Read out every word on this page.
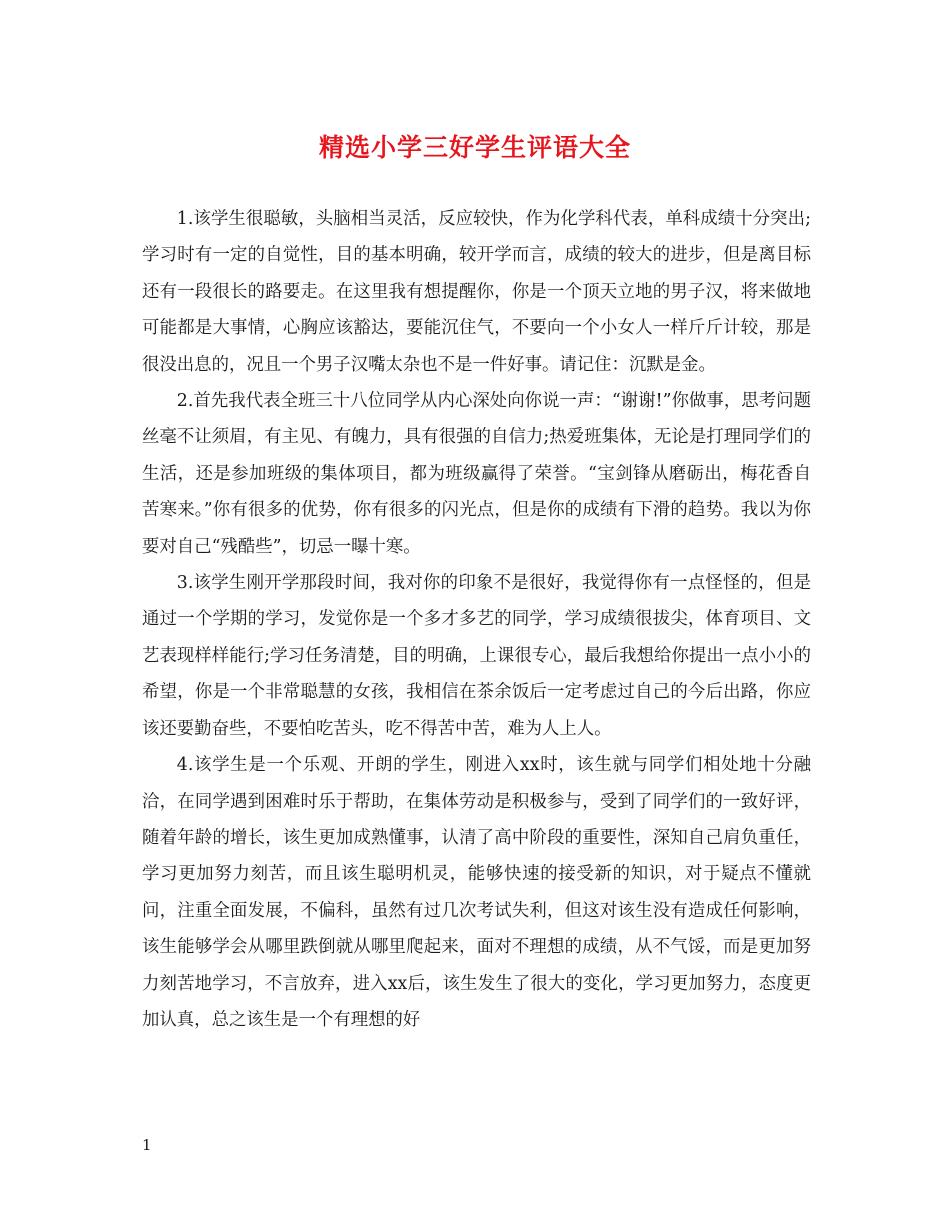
精选小学三好学生评语大全

1.该学生很聪敏，头脑相当灵活，反应较快，作为化学科代表，单科成绩十分突出;学习时有一定的自觉性，目的基本明确，较开学而言，成绩的较大的进步，但是离目标还有一段很长的路要走。在这里我有想提醒你，你是一个顶天立地的男子汉，将来做地可能都是大事情，心胸应该豁达，要能沉住气，不要向一个小女人一样斤斤计较，那是很没出息的，况且一个男子汉嘴太杂也不是一件好事。请记住：沉默是金。

2.首先我代表全班三十八位同学从内心深处向你说一声：“谢谢!”你做事，思考问题丝毫不让须眉，有主见、有魄力，具有很强的自信力;热爱班集体，无论是打理同学们的生活，还是参加班级的集体项目，都为班级赢得了荣誉。“宝剑锋从磨砺出，梅花香自苦寒来。”你有很多的优势，你有很多的闪光点，但是你的成绩有下滑的趋势。我以为你要对自己“残酷些”，切忌一曝十寒。

3.该学生刚开学那段时间，我对你的印象不是很好，我觉得你有一点怪怪的，但是通过一个学期的学习，发觉你是一个多才多艺的同学，学习成绩很拔尖，体育项目、文艺表现样样能行;学习任务清楚，目的明确，上课很专心，最后我想给你提出一点小小的希望，你是一个非常聪慧的女孩，我相信在茶余饭后一定考虑过自己的今后出路，你应该还要勤奋些，不要怕吃苦头，吃不得苦中苦，难为人上人。

4.该学生是一个乐观、开朗的学生，刚进入xx时，该生就与同学们相处地十分融洽，在同学遇到困难时乐于帮助，在集体劳动是积极参与，受到了同学们的一致好评，随着年龄的增长，该生更加成熟懂事，认清了高中阶段的重要性，深知自己肩负重任，学习更加努力刻苦，而且该生聪明机灵，能够快速的接受新的知识，对于疑点不懂就问，注重全面发展，不偏科，虽然有过几次考试失利，但这对该生没有造成任何影响，该生能够学会从哪里跌倒就从哪里爬起来，面对不理想的成绩，从不气馁，而是更加努力刻苦地学习，不言放弃，进入xx后，该生发生了很大的变化，学习更加努力，态度更加认真，总之该生是一个有理想的好

1
